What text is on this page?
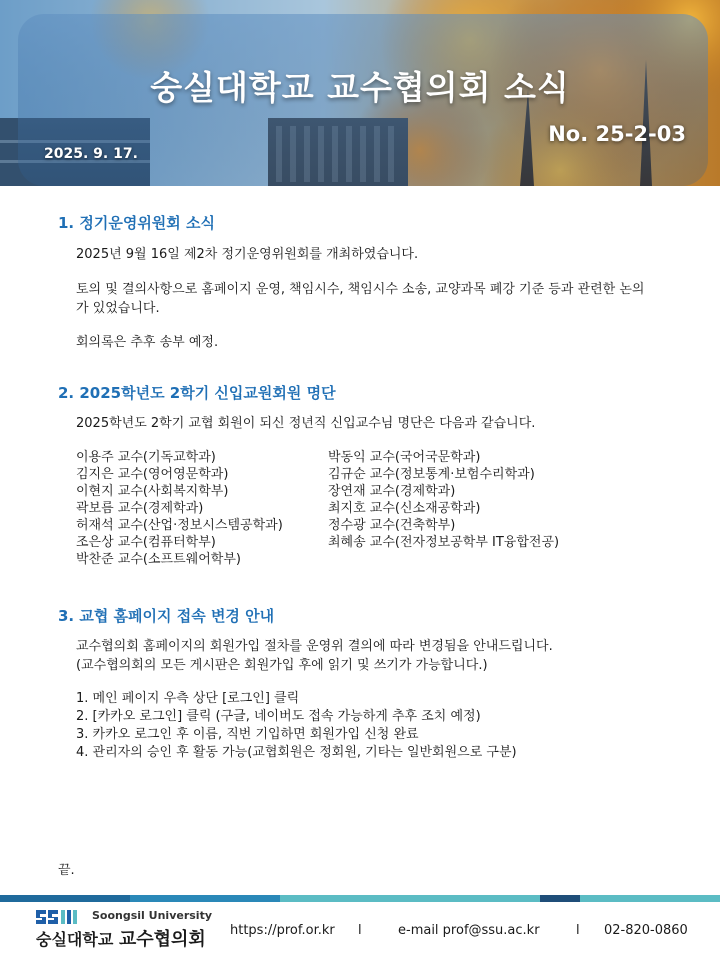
숭실대학교 교수협의회 소식
2025. 9. 17.
No. 25-2-03
1. 정기운영위원회 소식
2025년 9월 16일 제2차 정기운영위원회를 개최하였습니다.
토의 및 결의사항으로 홈페이지 운영, 책임시수, 책임시수 소송, 교양과목 폐강 기준 등과 관련한 논의가 있었습니다.
회의록은 추후 송부 예정.
2. 2025학년도 2학기 신입교원회원 명단
2025학년도 2학기 교협 회원이 되신 정년직 신입교수님 명단은 다음과 같습니다.
이용주 교수(기독교학과)
김지은 교수(영어영문학과)
이현지 교수(사회복지학부)
곽보름 교수(경제학과)
허재석 교수(산업·정보시스템공학과)
조은상 교수(컴퓨터학부)
박찬준 교수(소프트웨어학부)
박동익 교수(국어국문학과)
김규순 교수(정보통계·보험수리학과)
장연재 교수(경제학과)
최지호 교수(신소재공학과)
정수광 교수(건축학부)
최혜송 교수(전자정보공학부 IT융합전공)
3. 교협 홈페이지 접속 변경 안내
교수협의회 홈페이지의 회원가입 절차를 운영위 결의에 따라 변경됨을 안내드립니다.
(교수협의회의 모든 게시판은 회원가입 후에 읽기 및 쓰기가 가능합니다.)
1. 메인 페이지 우측 상단 [로그인] 클릭
2. [카카오 로그인] 클릭 (구글, 네이버도 접속 가능하게 추후 조치 예정)
3. 카카오 로그인 후 이름, 직번 기입하면 회원가입 신청 완료
4. 관리자의 승인 후 활동 가능(교협회원은 정회원, 기타는 일반회원으로 구분)
끝.
Soongsil University
숭실대학교 교수협의회 https://prof.or.kr l	e-mail prof@ssu.ac.kr	l 02-820-0860
